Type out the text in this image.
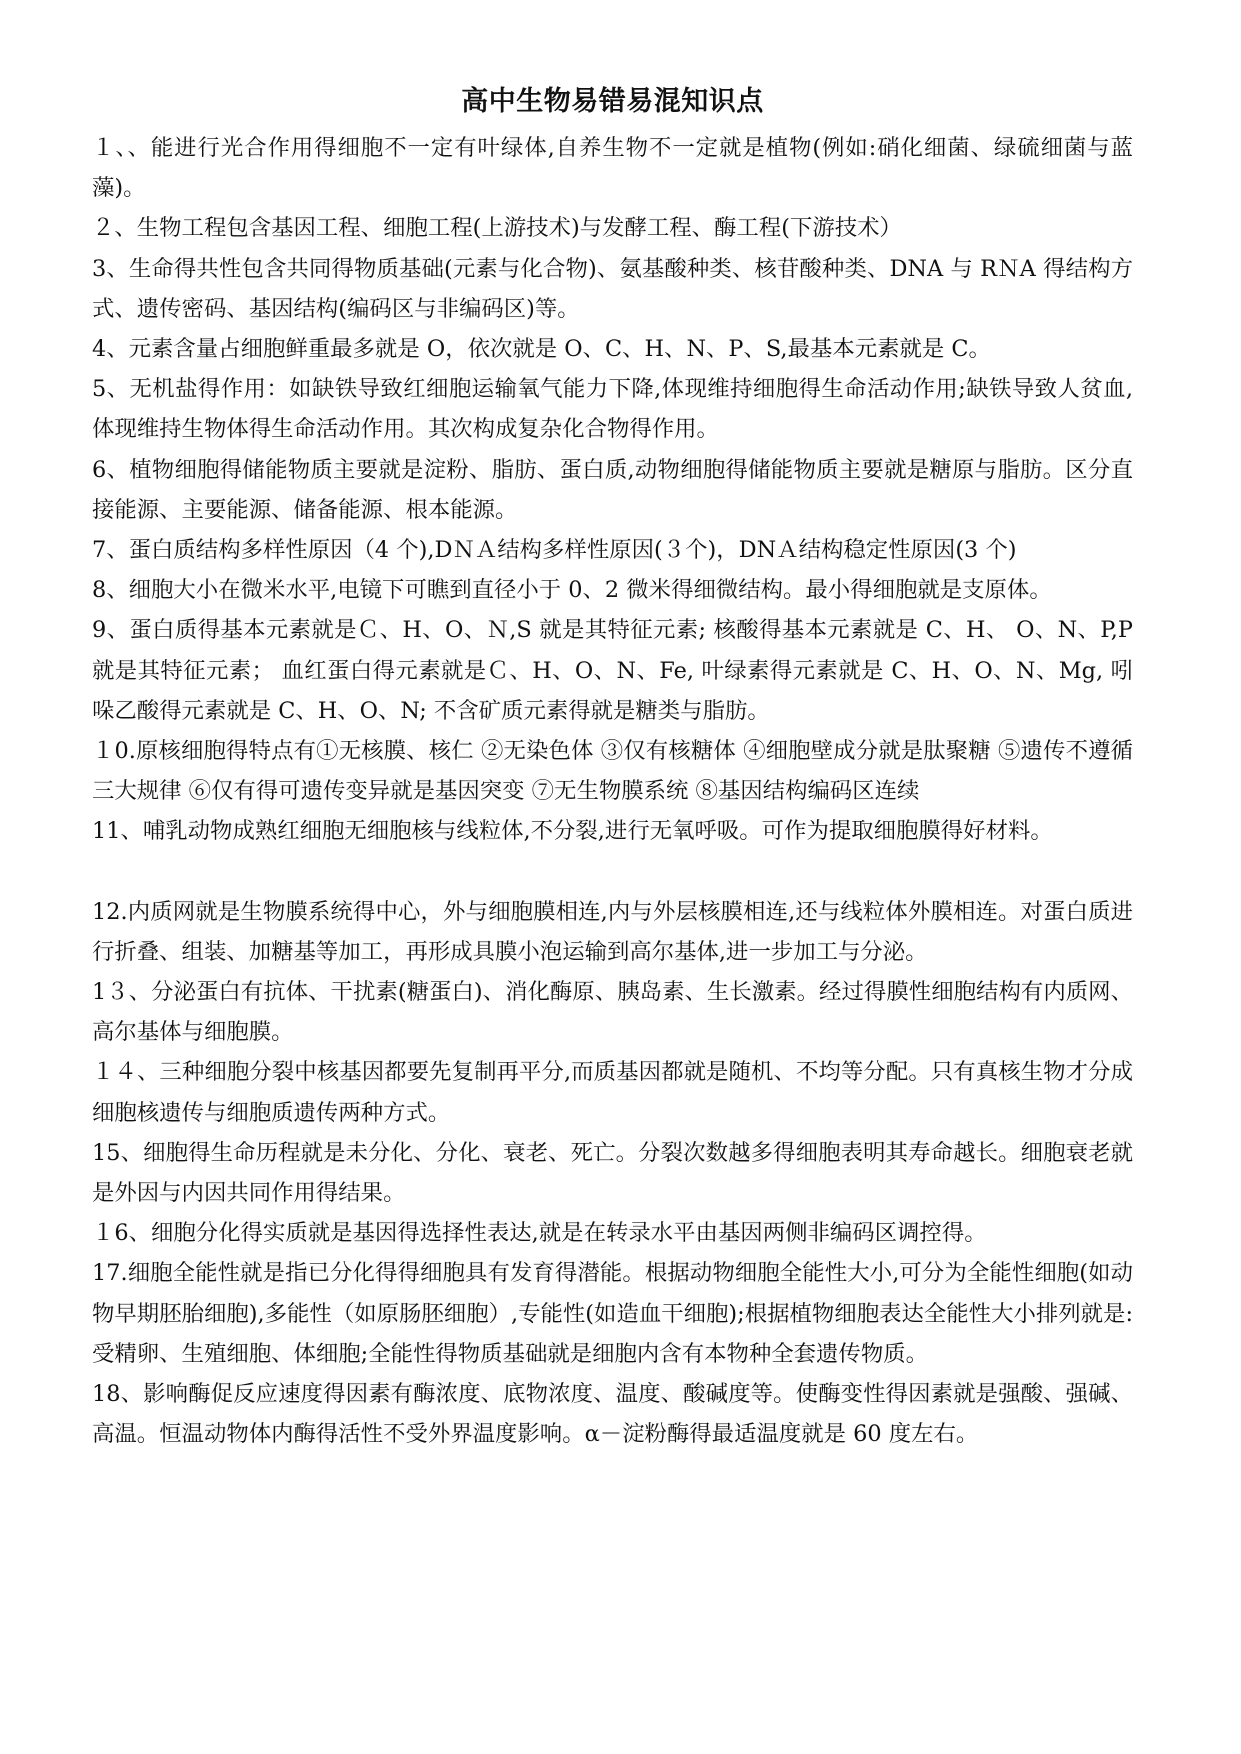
高中生物易错易混知识点

１、、能进行光合作用得细胞不一定有叶绿体,自养生物不一定就是植物(例如:硝化细菌、绿硫细菌与蓝藻)。

２、生物工程包含基因工程、细胞工程(上游技术)与发酵工程、酶工程(下游技术）

3、生命得共性包含共同得物质基础(元素与化合物)、氨基酸种类、核苷酸种类、DNA 与 RＮA 得结构方式、遗传密码、基因结构(编码区与非编码区)等。

4、元素含量占细胞鲜重最多就是 O，依次就是 O、C、H、N、P、S,最基本元素就是 C。

5、无机盐得作用：如缺铁导致红细胞运输氧气能力下降,体现维持细胞得生命活动作用;缺铁导致人贫血,体现维持生物体得生命活动作用。其次构成复杂化合物得作用。

6、植物细胞得储能物质主要就是淀粉、脂肪、蛋白质,动物细胞得储能物质主要就是糖原与脂肪。区分直接能源、主要能源、储备能源、根本能源。

7、蛋白质结构多样性原因（4 个),DＮＡ结构多样性原因(３个)，DNＡ结构稳定性原因(3 个)

8、细胞大小在微米水平,电镜下可瞧到直径小于 0、2 微米得细微结构。最小得细胞就是支原体。

9、蛋白质得基本元素就是Ｃ、H、O、Ｎ,S 就是其特征元素; 核酸得基本元素就是 C、H、 O、N、P,P 就是其特征元素； 血红蛋白得元素就是Ｃ、H、O、N、Fe, 叶绿素得元素就是 C、H、O、N、Mg, 吲哚乙酸得元素就是 C、H、O、N; 不含矿质元素得就是糖类与脂肪。

１0.原核细胞得特点有①无核膜、核仁 ②无染色体 ③仅有核糖体 ④细胞壁成分就是肽聚糖 ⑤遗传不遵循三大规律 ⑥仅有得可遗传变异就是基因突变 ⑦无生物膜系统 ⑧基因结构编码区连续

11、哺乳动物成熟红细胞无细胞核与线粒体,不分裂,进行无氧呼吸。可作为提取细胞膜得好材料。

12.内质网就是生物膜系统得中心，外与细胞膜相连,内与外层核膜相连,还与线粒体外膜相连。对蛋白质进行折叠、组装、加糖基等加工，再形成具膜小泡运输到高尔基体,进一步加工与分泌。

1３、分泌蛋白有抗体、干扰素(糖蛋白)、消化酶原、胰岛素、生长激素。经过得膜性细胞结构有内质网、高尔基体与细胞膜。

１４、三种细胞分裂中核基因都要先复制再平分,而质基因都就是随机、不均等分配。只有真核生物才分成细胞核遗传与细胞质遗传两种方式。

15、细胞得生命历程就是未分化、分化、衰老、死亡。分裂次数越多得细胞表明其寿命越长。细胞衰老就是外因与内因共同作用得结果。

１6、细胞分化得实质就是基因得选择性表达,就是在转录水平由基因两侧非编码区调控得。

17.细胞全能性就是指已分化得得细胞具有发育得潜能。根据动物细胞全能性大小,可分为全能性细胞(如动物早期胚胎细胞),多能性（如原肠胚细胞）,专能性(如造血干细胞);根据植物细胞表达全能性大小排列就是:受精卵、生殖细胞、体细胞;全能性得物质基础就是细胞内含有本物种全套遗传物质。

18、影响酶促反应速度得因素有酶浓度、底物浓度、温度、酸碱度等。使酶变性得因素就是强酸、强碱、高温。恒温动物体内酶得活性不受外界温度影响。α－淀粉酶得最适温度就是 60 度左右。
